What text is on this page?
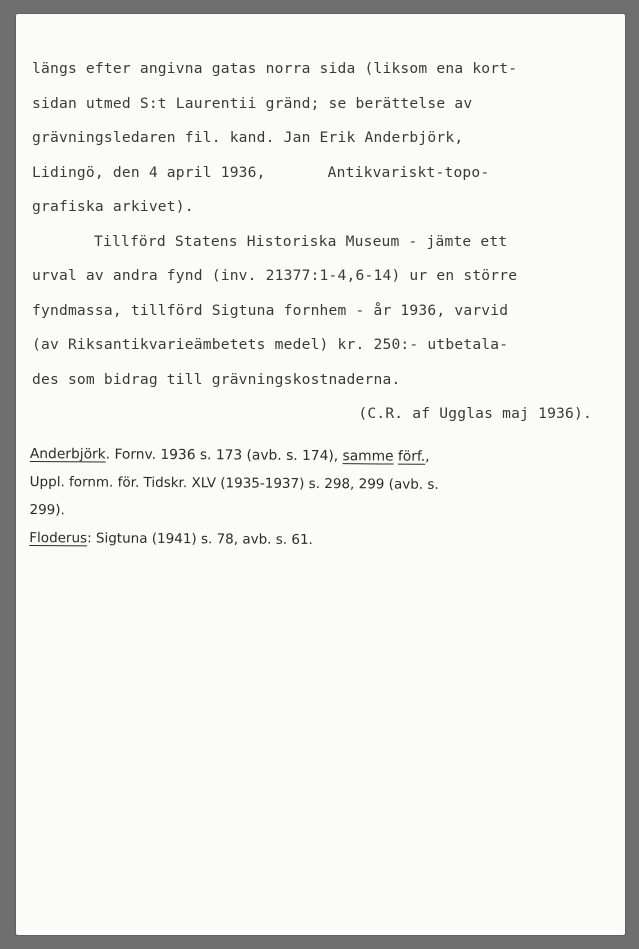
längs efter angivna gatas norra sida (liksom ena kort-
sidan utmed S:t Laurentii gränd; se berättelse av
grävningsledaren fil. kand. Jan Erik Anderbjörk,
Lidingö, den 4 april 1936,	Antikvariskt-topo-
grafiska arkivet).
Tillförd Statens Historiska Museum - jämte ett
urval av andra fynd (inv. 21377:1-4,6-14) ur en större
fyndmassa, tillförd Sigtuna fornhem - år 1936, varvid
(av Riksantikvarieämbetets medel) kr. 250:- utbetala-
des som bidrag till grävningskostnaderna.
(C.R. af Ugglas maj 1936).
Anderbjörk. Fornv. 1936 s. 173 (avb. s. 174), samme förf.,
Uppl. fornm. för. Tidskr. XLV (1935-1937) s. 298, 299 (avb. s.
299).
Floderus: Sigtuna (1941) s. 78, avb. s. 61.
